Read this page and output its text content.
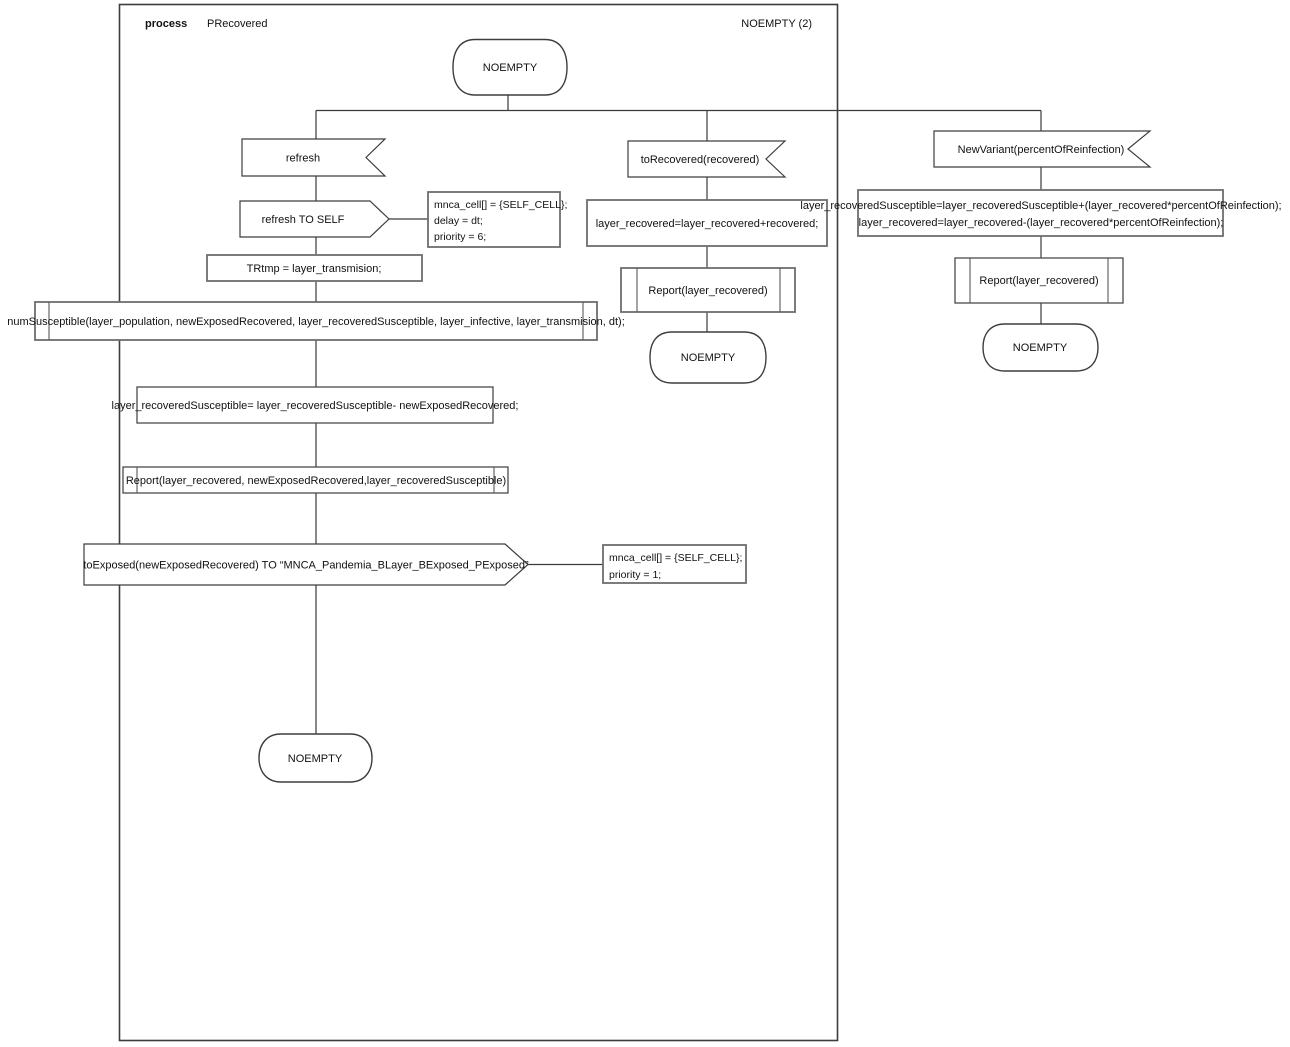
process PRecovered	NOEMPTY (2)
NOEMPTY
refresh
refresh TO SELF
mnca_cell[] = {SELF_CELL};
delay = dt;
priority = 6;
TRtmp = layer_transmision;
numSusceptible(layer_population, newExposedRecovered, layer_recoveredSusceptible, layer_infective, layer_transmision, dt);
layer_recoveredSusceptible= layer_recoveredSusceptible- newExposedRecovered;
Report(layer_recovered, newExposedRecovered,layer_recoveredSusceptible)
toExposed(newExposedRecovered) TO “MNCA_Pandemia_BLayer_BExposed_PExposed”
mnca_cell[] = {SELF_CELL};
priority = 1;
NOEMPTY
toRecovered(recovered)
layer_recovered=layer_recovered+recovered;
Report(layer_recovered)
NOEMPTY
NewVariant(percentOfReinfection)
layer_recoveredSusceptible=layer_recoveredSusceptible+(layer_recovered*percentOfReinfection);
layer_recovered=layer_recovered-(layer_recovered*percentOfReinfection);
Report(layer_recovered)
NOEMPTY
